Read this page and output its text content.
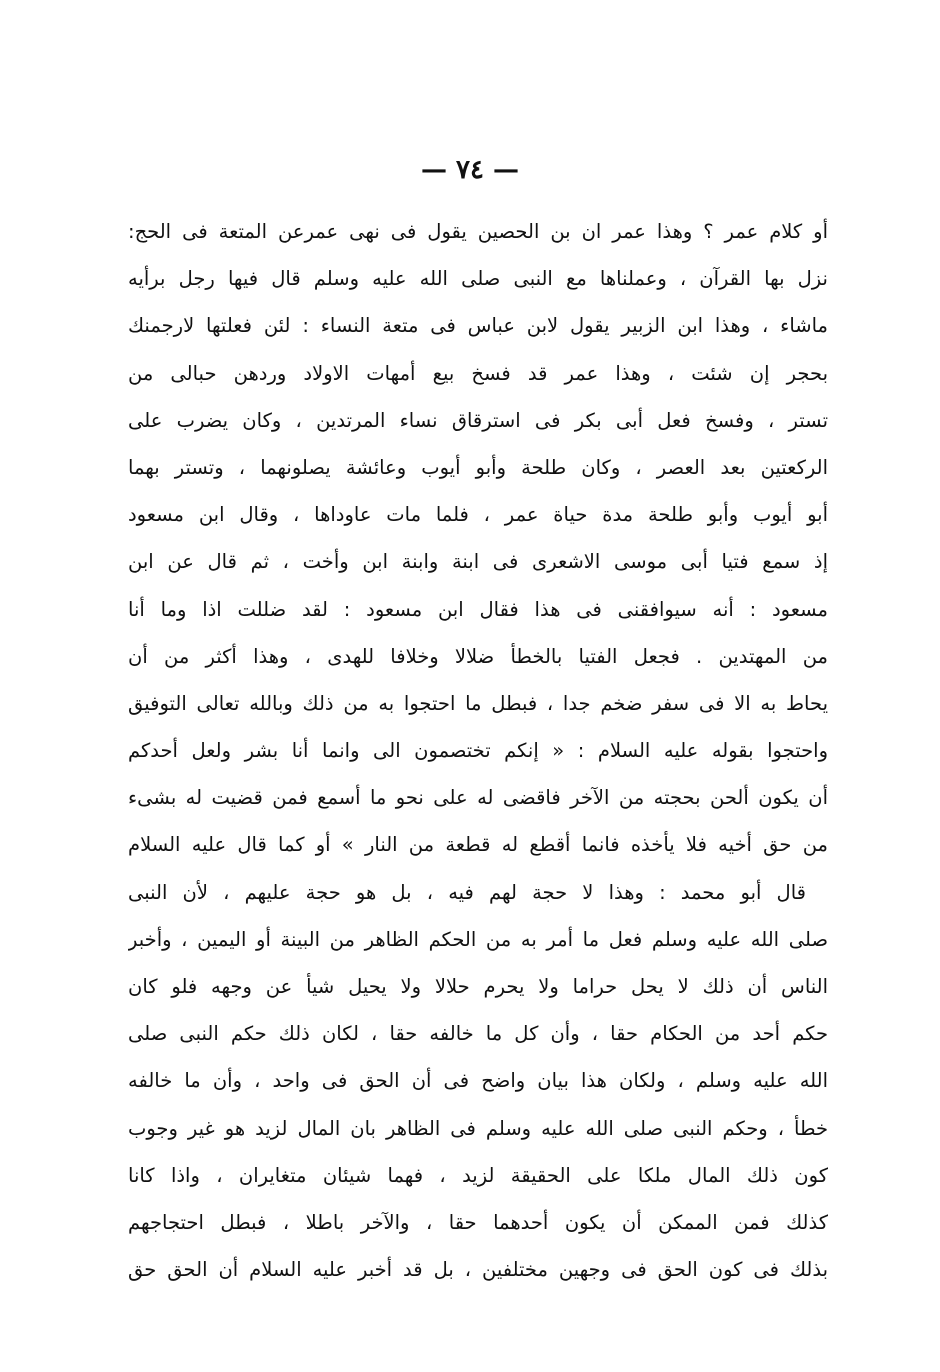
— ٧٤ —
أو كلام عمر ؟ وهذا عمر ان بن الحصين يقول فى نهى عمرعن المتعة فى الحج:
نزل بها القرآن ، وعملناها مع النبى صلى الله عليه وسلم قال فيها رجل برأيه
ماشاء ، وهذا ابن الزبير يقول لابن عباس فى متعة النساء : لئن فعلتها لارجمنك
بحجر إن شئت ، وهذا عمر قد فسخ بيع أمهات الاولاد وردهن حبالى من
تستر ، وفسخ فعل أبى بكر فى استرقاق نساء المرتدين ، وكان يضرب على
الركعتين بعد العصر ، وكان طلحة وأبو أيوب وعائشة يصلونهما ، وتستر بهما
أبو أيوب وأبو طلحة مدة حياة عمر ، فلما مات عاوداها ، وقال ابن مسعود
إذ سمع فتيا أبى موسى الاشعرى فى ابنة وابنة ابن وأخت ، ثم قال عن ابن
مسعود : أنه سيوافقنى فى هذا فقال ابن مسعود : لقد ضللت اذا وما أنا
من المهتدين . فجعل الفتيا بالخطأ ضلالا وخلافا للهدى ، وهذا أكثر من أن
يحاط به الا فى سفر ضخم جدا ، فبطل ما احتجوا به من ذلك وبالله تعالى التوفيق
واحتجوا بقوله عليه السلام : « إنكم تختصمون الى وانما أنا بشر ولعل أحدكم
أن يكون ألحن بحجته من الآخر فاقضى له على نحو ما أسمع فمن قضيت له بشىء
من حق أخيه فلا يأخذه فانما أقطع له قطعة من النار » أو كما قال عليه السلام
قال أبو محمد : وهذا لا حجة لهم فيه ، بل هو حجة عليهم ، لأن النبى
صلى الله عليه وسلم فعل ما أمر به من الحكم الظاهر من البينة أو اليمين ، وأخبر
الناس أن ذلك لا يحل حراما ولا يحرم حلالا ولا يحيل شيأ عن وجهه فلو كان
حكم أحد من الحكام حقا ، وأن كل ما خالفه حقا ، لكان ذلك حكم النبى صلى
الله عليه وسلم ، ولكان هذا بيان واضح فى أن الحق فى واحد ، وأن ما خالفه
خطأ ، وحكم النبى صلى الله عليه وسلم فى الظاهر بان المال لزيد هو غير وجوب
كون ذلك المال ملكا على الحقيقة لزيد ، فهما شيئان متغايران ، واذا كانا
كذلك فمن الممكن أن يكون أحدهما حقا ، والآخر باطلا ، فبطل احتجاجهم
بذلك فى كون الحق فى وجهين مختلفين ، بل قد أخبر عليه السلام أن الحق حق
